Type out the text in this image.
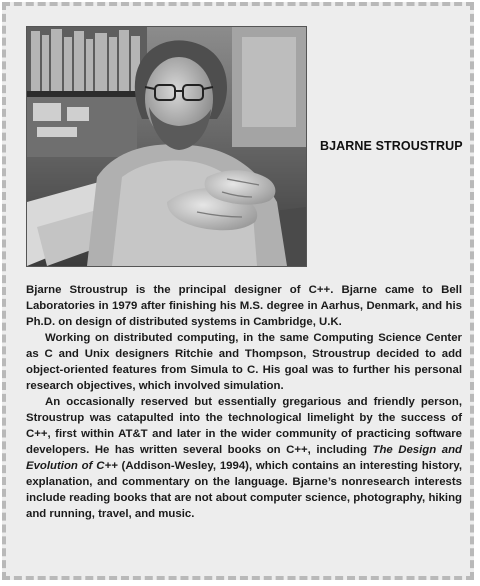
BJARNE STROUSTRUP

Bjarne Stroustrup is the principal designer of C++. Bjarne came to Bell Laboratories in 1979 after finishing his M.S. degree in Aarhus, Denmark, and his Ph.D. on design of distributed systems in Cambridge, U.K.

Working on distributed computing, in the same Computing Science Center as C and Unix designers Ritchie and Thompson, Stroustrup decided to add object-oriented features from Simula to C. His goal was to further his personal research objectives, which involved simulation.

An occasionally reserved but essentially gregarious and friendly person, Stroustrup was catapulted into the technological limelight by the success of C++, first within AT&T and later in the wider community of practicing software developers. He has written several books on C++, including The Design and Evolution of C++ (Addison-Wesley, 1994), which contains an interesting history, explanation, and commentary on the language. Bjarne’s nonresearch interests include reading books that are not about computer science, photography, hiking and running, travel, and music.
